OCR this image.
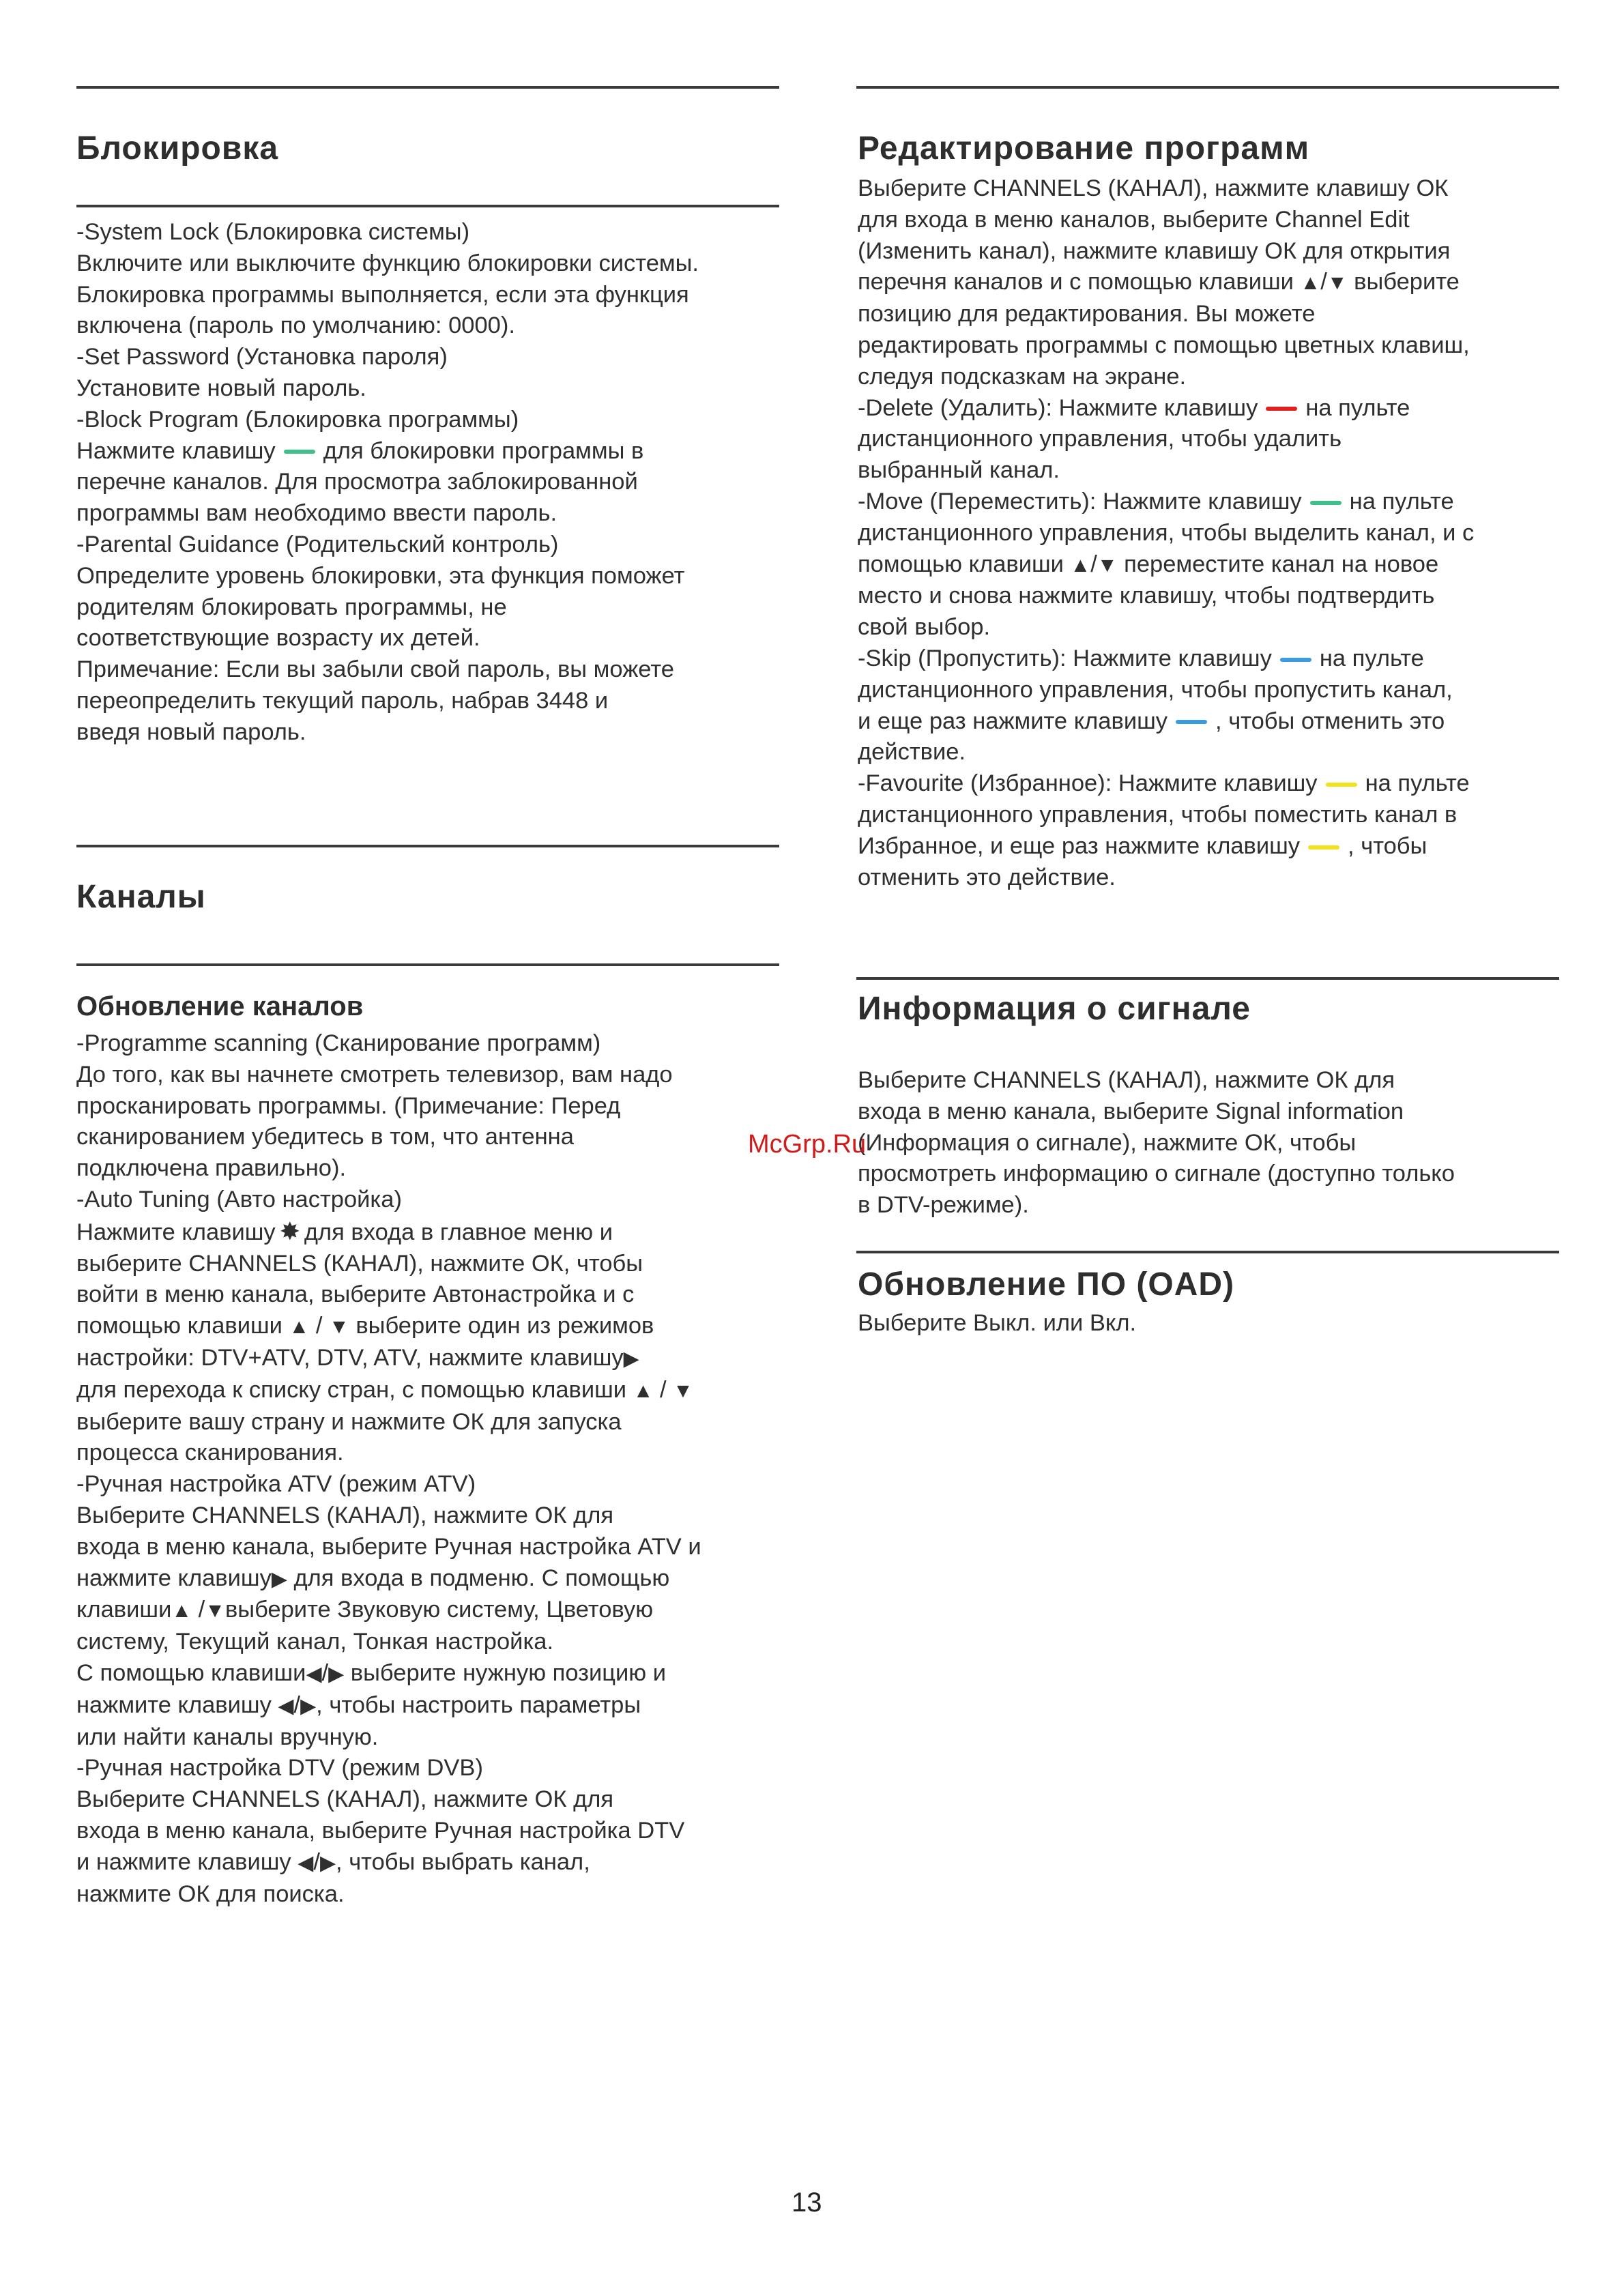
Блокировка
-System Lock (Блокировка системы)
Включите или выключите функцию блокировки системы.
Блокировка программы выполняется, если эта функция
включена (пароль по умолчанию: 0000).
-Set Password (Установка пароля)
Установите новый пароль.
-Block Program (Блокировка программы)
Нажмите клавишу для блокировки программы в
перечне каналов. Для просмотра заблокированной
программы вам необходимо ввести пароль.
-Parental Guidance (Родительский контроль)
Определите уровень блокировки, эта функция поможет
родителям блокировать программы, не
соответствующие возрасту их детей.
Примечание: Если вы забыли свой пароль, вы можете
переопределить текущий пароль, набрав 3448 и
введя новый пароль.
Каналы
Обновление каналов
-Programme scanning (Сканирование программ)
До того, как вы начнете смотреть телевизор, вам надо
просканировать программы. (Примечание: Перед
сканированием убедитесь в том, что антенна
подключена правильно).
-Auto Tuning (Авто настройка)
Нажмите клавишу ✸ для входа в главное меню и
выберите CHANNELS (КАНАЛ), нажмите ОК, чтобы
войти в меню канала, выберите Автонастройка и с
помощью клавиши ▲ / ▼ выберите один из режимов
настройки: DTV+ATV, DTV, ATV, нажмите клавишу▶
для перехода к списку стран, с помощью клавиши ▲ / ▼
выберите вашу страну и нажмите ОК для запуска
процесса сканирования.
-Ручная настройка ATV (режим ATV)
Выберите CHANNELS (КАНАЛ), нажмите ОК для
входа в меню канала, выберите Ручная настройка ATV и
нажмите клавишу▶ для входа в подменю. С помощью
клавиши▲ /▼выберите Звуковую систему, Цветовую
систему, Текущий канал, Тонкая настройка.
С помощью клавиши◀/▶ выберите нужную позицию и
нажмите клавишу ◀/▶, чтобы настроить параметры
или найти каналы вручную.
-Ручная настройка DTV (режим DVB)
Выберите CHANNELS (КАНАЛ), нажмите ОК для
входа в меню канала, выберите Ручная настройка DTV
и нажмите клавишу ◀/▶, чтобы выбрать канал,
нажмите ОК для поиска.
Редактирование программ
Выберите CHANNELS (КАНАЛ), нажмите клавишу ОК
для входа в меню каналов, выберите Channel Edit
(Изменить канал), нажмите клавишу ОК для открытия
перечня каналов и с помощью клавиши ▲/▼ выберите
позицию для редактирования. Вы можете
редактировать программы с помощью цветных клавиш,
следуя подсказкам на экране.
-Delete (Удалить): Нажмите клавишу на пульте
дистанционного управления, чтобы удалить
выбранный канал.
-Move (Переместить): Нажмите клавишу на пульте
дистанционного управления, чтобы выделить канал, и с
помощью клавиши ▲/▼ переместите канал на новое
место и снова нажмите клавишу, чтобы подтвердить
свой выбор.
-Skip (Пропустить): Нажмите клавишу на пульте
дистанционного управления, чтобы пропустить канал,
и еще раз нажмите клавишу , чтобы отменить это
действие.
-Favourite (Избранное): Нажмите клавишу на пульте
дистанционного управления, чтобы поместить канал в
Избранное, и еще раз нажмите клавишу , чтобы
отменить это действие.
Информация о сигнале
Выберите CHANNELS (КАНАЛ), нажмите ОК для
входа в меню канала, выберите Signal information
(Информация о сигнале), нажмите ОК, чтобы
просмотреть информацию о сигнале (доступно только
в DTV-режиме).
Обновление ПО (OAD)
Выберите Выкл. или Вкл.
McGrp.Ru
13
